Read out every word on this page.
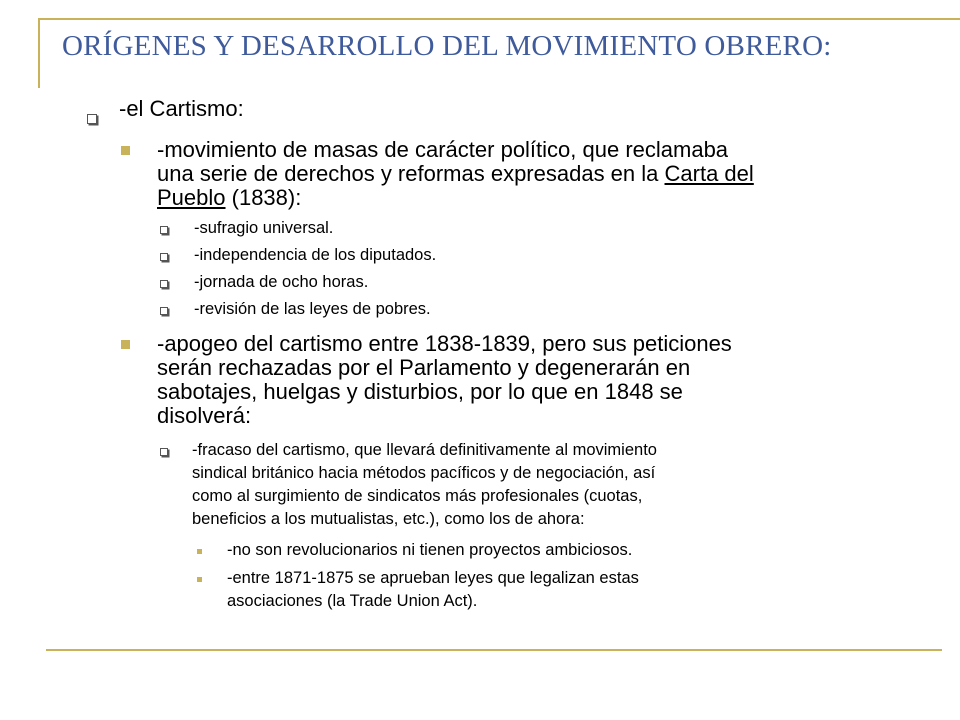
ORÍGENES Y DESARROLLO DEL MOVIMIENTO OBRERO:
-el Cartismo:
-movimiento de masas de carácter político, que reclamaba
una serie de derechos y reformas expresadas en la Carta del
Pueblo (1838):
-sufragio universal.
-independencia de los diputados.
-jornada de ocho horas.
-revisión de las leyes de pobres.
-apogeo del cartismo entre 1838-1839, pero sus peticiones
serán rechazadas por el Parlamento y degenerarán en
sabotajes, huelgas y disturbios, por lo que en 1848 se
disolverá:
-fracaso del cartismo, que llevará definitivamente al movimiento
sindical británico hacia métodos pacíficos y de negociación, así
como al surgimiento de sindicatos más profesionales (cuotas,
beneficios a los mutualistas, etc.), como los de ahora:
-no son revolucionarios ni tienen proyectos ambiciosos.
-entre 1871-1875 se aprueban leyes que legalizan estas
asociaciones (la Trade Union Act).
